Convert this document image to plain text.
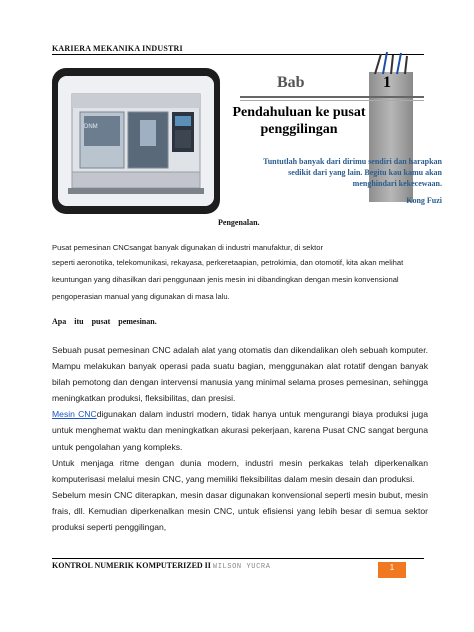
KARIERA MEKANIKA INDUSTRI
DNM
Bab	1
Pendahuluan ke pusat penggilingan
Tuntutlah banyak dari dirimu sendiri dan harapkan sedikit dari yang lain. Begitu kau kamu akan menghindari kekecewaan.
Kong Fuzi
Pengenalan.
Pusat pemesinan CNCsangat banyak digunakan di industri manufaktur, di sektor
seperti aeronotika, telekomunikasi, rekayasa, perkeretaapian, petrokimia, dan otomotif, kita akan melihat
keuntungan yang dihasilkan dari penggunaan jenis mesin ini dibandingkan dengan mesin konvensional
pengoperasian manual yang digunakan di masa lalu.
Apa itu pusat pemesinan.

Sebuah pusat pemesinan CNC adalah alat yang otomatis dan dikendalikan oleh sebuah komputer. Mampu melakukan banyak operasi pada suatu bagian, menggunakan alat rotatif dengan banyak bilah pemotong dan dengan intervensi manusia yang minimal selama proses pemesinan, sehingga meningkatkan produksi, fleksibilitas, dan presisi.

Mesin CNCdigunakan dalam industri modern, tidak hanya untuk mengurangi biaya produksi juga untuk menghemat waktu dan meningkatkan akurasi pekerjaan, karena Pusat CNC sangat berguna untuk pengolahan yang kompleks.

Untuk menjaga ritme dengan dunia modern, industri mesin perkakas telah diperkenalkan komputerisasi melalui mesin CNC, yang memiliki fleksibilitas dalam mesin desain dan produksi.

Sebelum mesin CNC diterapkan, mesin dasar digunakan konvensional seperti mesin bubut, mesin frais, dll. Kemudian diperkenalkan mesin CNC, untuk efisiensi yang lebih besar di semua sektor produksi seperti penggilingan,

KONTROL NUMERIK KOMPUTERIZED II WILSON YUCRA	1
